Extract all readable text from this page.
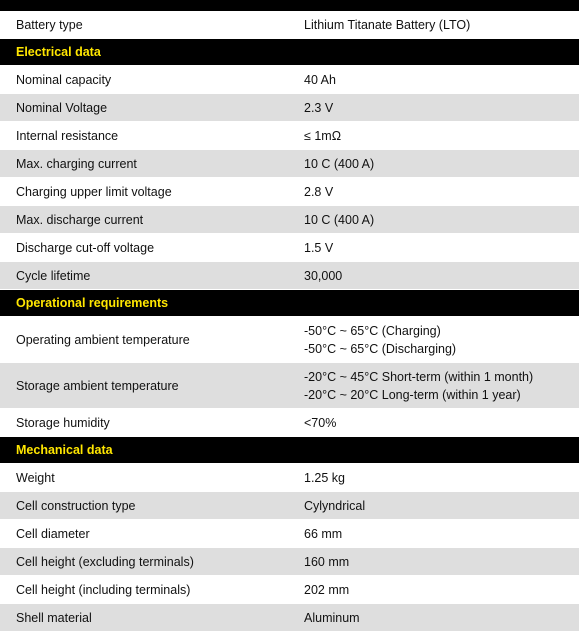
Battery type	Lithium Titanate Battery (LTO)
Electrical data	
Nominal capacity	40 Ah
Nominal Voltage	2.3 V
Internal resistance	≤ 1mΩ
Max. charging current	10 C (400 A)
Charging upper limit voltage	2.8 V
Max. discharge current	10 C (400 A)
Discharge cut-off voltage	1.5 V
Cycle lifetime	30,000
Operational requirements	
Operating ambient temperature	-50°C ~ 65°C (Charging)
-50°C ~ 65°C (Discharging)

Storage ambient temperature	-20°C ~ 45°C Short-term (within 1 month)
-20°C ~ 20°C Long-term (within 1 year)

Storage humidity	<70%
Mechanical data	
Weight	1.25 kg
Cell construction type	Cylyndrical
Cell diameter	66 mm
Cell height (excluding terminals)	160 mm
Cell height (including terminals)	202 mm
Shell material	Aluminum
